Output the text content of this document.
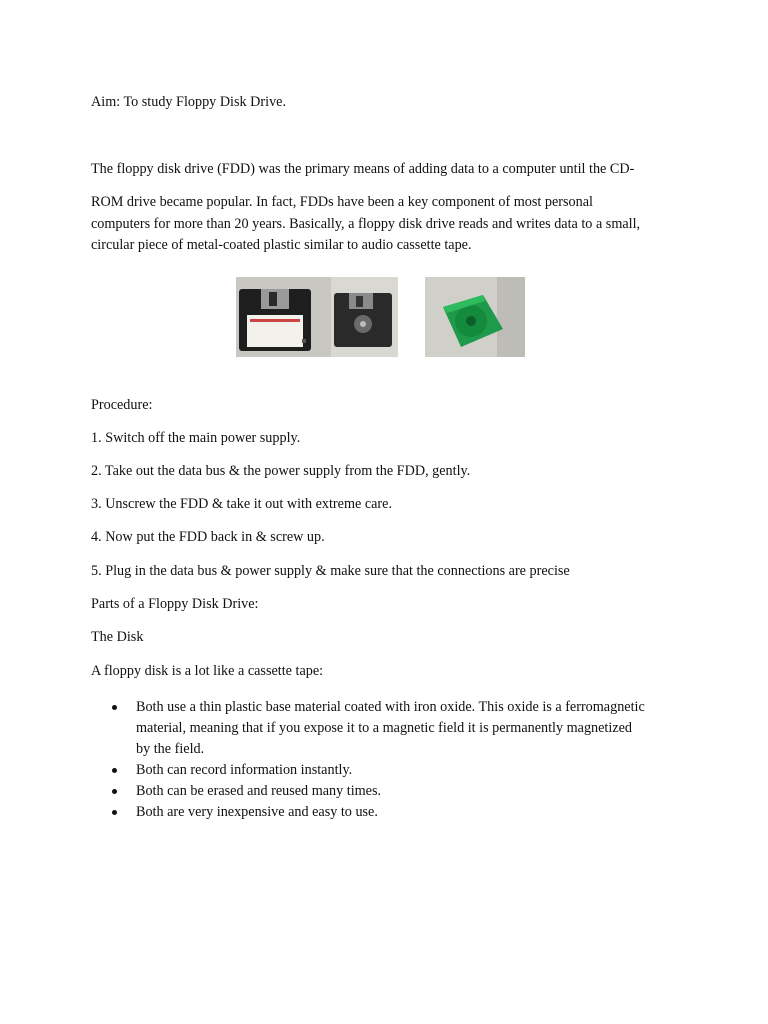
Aim: To study Floppy Disk Drive.
The floppy disk drive (FDD) was the primary means of adding data to a computer until the CD-
ROM drive became popular. In fact, FDDs have been a key component of most personal
computers for more than 20 years. Basically, a floppy disk drive reads and writes data to a small,
circular piece of metal-coated plastic similar to audio cassette tape.
Procedure:
1. Switch off the main power supply.
2. Take out the data bus & the power supply from the FDD, gently.
3. Unscrew the FDD & take it out with extreme care.
4. Now put the FDD back in & screw up.
5. Plug in the data bus & power supply & make sure that the connections are precise
Parts of a Floppy Disk Drive:
The Disk
A floppy disk is a lot like a cassette tape:
Both use a thin plastic base material coated with iron oxide. This oxide is a ferromagnetic
material, meaning that if you expose it to a magnetic field it is permanently magnetized
by the field.
Both can record information instantly.
Both can be erased and reused many times.
Both are very inexpensive and easy to use.
